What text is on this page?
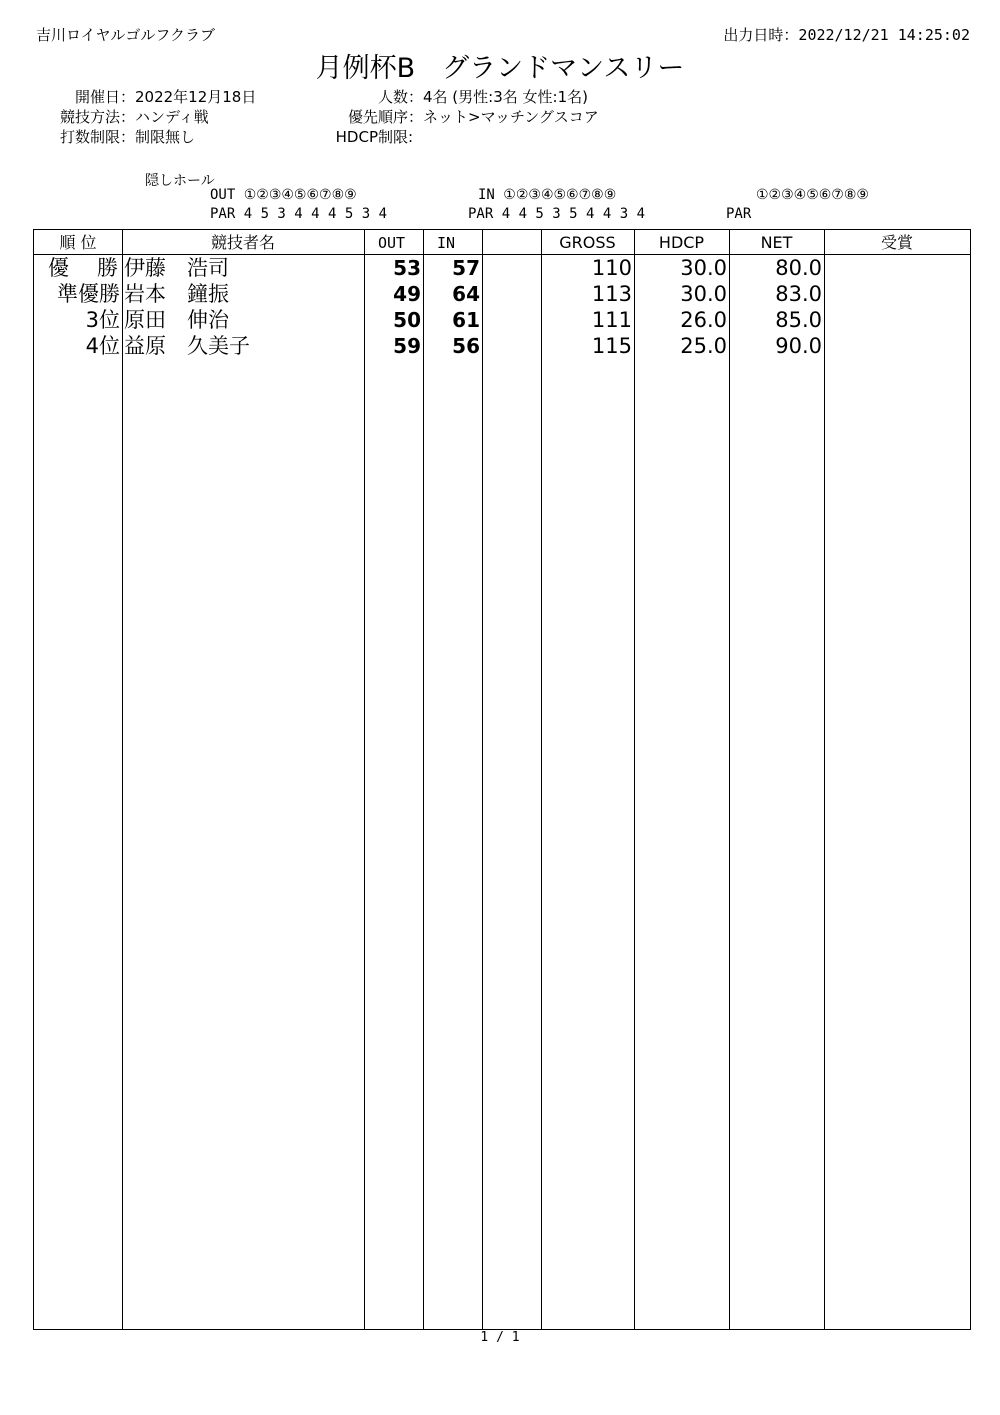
吉川ロイヤルゴルフクラブ	出力日時：2022/12/21 14:25:02
月例杯B　グランドマンスリー
開催日：2022年12月18日
競技方法：ハンディ戦
打数制限：制限無し
人数：4名 (男性:3名 女性:1名)
優先順序：ネット>マッチングスコア
HDCP制限:
隠しホール
OUT ①②③④⑤⑥⑦⑧⑨
PAR 4 5 3 4 4 4 5 3 4
IN ①②③④⑤⑥⑦⑧⑨
PAR 4 4 5 3 5 4 4 3 4
①②③④⑤⑥⑦⑧⑨
PAR
順 位	競技者名	OUT	IN	GROSS	HDCP	NET	受賞
優　勝 伊藤　浩司	53	57	110	30.0	80.0
準優勝 岩本　鐘振	49	64	113	30.0	83.0
3位 原田　伸治	50	61	111	26.0	85.0
4位 益原　久美子	59	56	115	25.0	90.0
1 / 1
